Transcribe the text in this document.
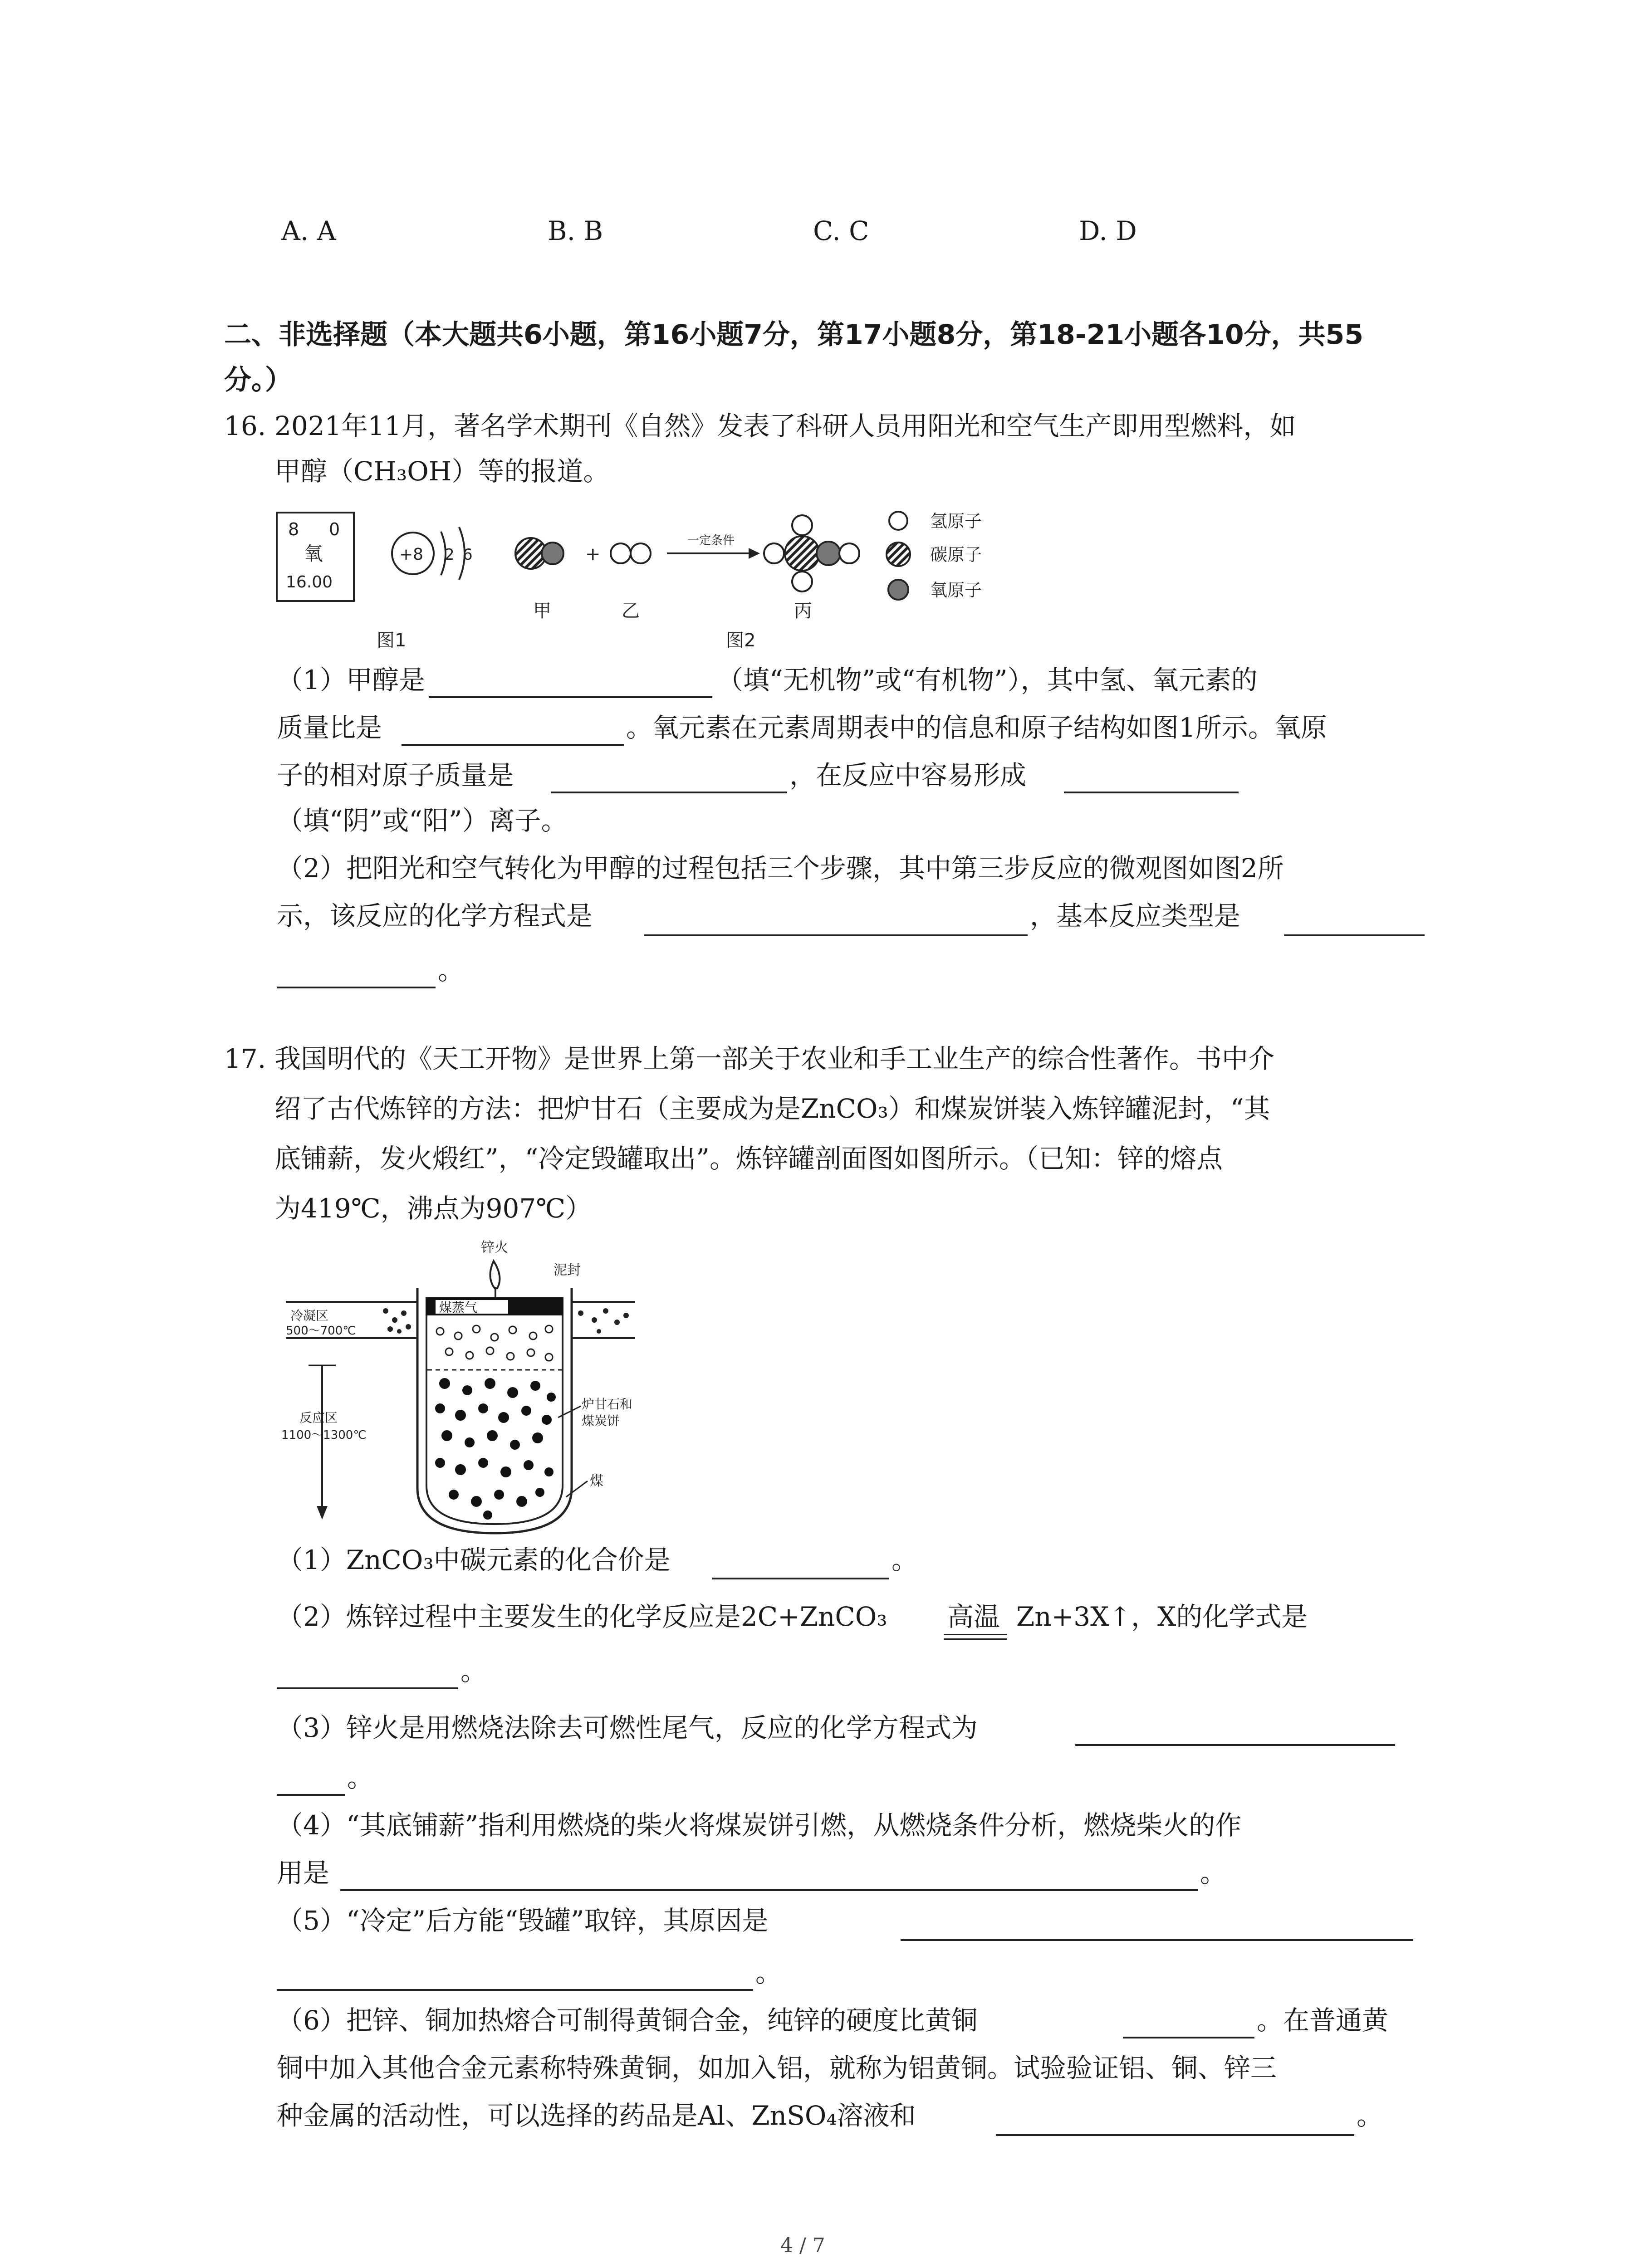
A. A	B. B	C. C	D. D
二、非选择题（本大题共6小题，第16小题7分，第17小题8分，第18-21小题各10分，共55
分。）
16. 2021年11月，著名学术期刊《自然》发表了科研人员用阳光和空气生产即用型燃料，如
甲醇（CH₃OH）等的报道。
8 0
氧
16.00
+8 2 6
图1
+
一定条件
甲	乙	丙
图2
氢原子
碳原子
氧原子
（1）甲醇是	（填“无机物”或“有机物”），其中氢、氧元素的
质量比是	。氧元素在元素周期表中的信息和原子结构如图1所示。氧原
子的相对原子质量是	，在反应中容易形成
（填“阴”或“阳”）离子。
（2）把阳光和空气转化为甲醇的过程包括三个步骤，其中第三步反应的微观图如图2所
示，该反应的化学方程式是	，基本反应类型是
。
17. 我国明代的《天工开物》是世界上第一部关于农业和手工业生产的综合性著作。书中介
绍了古代炼锌的方法：把炉甘石（主要成为是ZnCO₃）和煤炭饼装入炼锌罐泥封，“其
底铺薪，发火煅红”，“冷定毁罐取出”。炼锌罐剖面图如图所示。（已知：锌的熔点
为419℃，沸点为907℃）
锌火
泥封
冷凝区
500～700℃
煤蒸气
反应区
1100～1300℃
炉甘石和
煤炭饼
煤
（1）ZnCO₃中碳元素的化合价是	。
（2）炼锌过程中主要发生的化学反应是2C+ZnCO₃ 高温 Zn+3X↑，X的化学式是
。
（3）锌火是用燃烧法除去可燃性尾气，反应的化学方程式为
。
（4）“其底铺薪”指利用燃烧的柴火将煤炭饼引燃，从燃烧条件分析，燃烧柴火的作
用是	。
（5）“冷定”后方能“毁罐”取锌，其原因是
。
（6）把锌、铜加热熔合可制得黄铜合金，纯锌的硬度比黄铜	。在普通黄
铜中加入其他合金元素称特殊黄铜，如加入铝，就称为铝黄铜。试验验证铝、铜、锌三
种金属的活动性，可以选择的药品是Al、ZnSO₄溶液和	。
4 / 7
